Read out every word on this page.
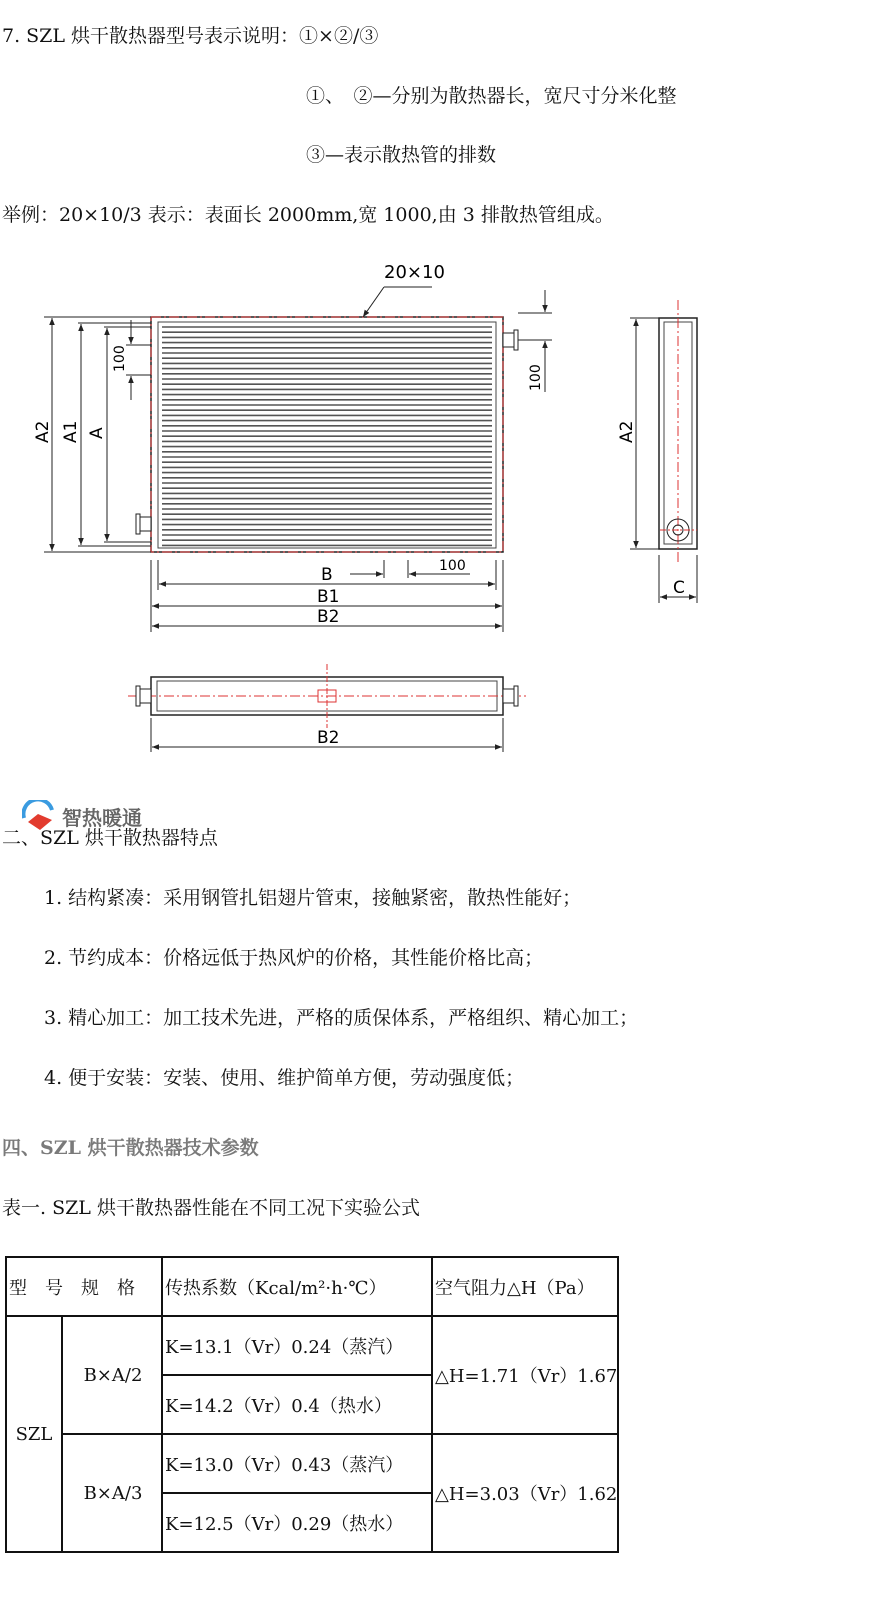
7. SZL 烘干散热器型号表示说明：①×②/③
①、　②—分别为散热器长，宽尺寸分米化整
③—表示散热管的排数
举例：20×10/3 表示：表面长 2000mm,宽 1000,由 3 排散热管组成。
20×10
A2 A1 A
100
100
B	100
B1
B2
A2
C
B2
智热暖通
二、SZL 烘干散热器特点
1. 结构紧凑：采用钢管扎铝翅片管束，接触紧密，散热性能好；
2. 节约成本：价格远低于热风炉的价格，其性能价格比高；
3. 精心加工：加工技术先进，严格的质保体系，严格组织、精心加工；
4. 便于安装：安装、使用、维护简单方便，劳动强度低；
四、SZL 烘干散热器技术参数
表一. SZL 烘干散热器性能在不同工况下实验公式
型　号　规　格		传热系数（Kcal/m²·h·℃）	空气阻力△H（Pa）
SZL	B×A/2	K=13.1（Vr）0.24（蒸汽）	△H=1.71（Vr）1.67
		K=14.2（Vr）0.4（热水）	
	B×A/3	K=13.0（Vr）0.43（蒸汽）	△H=3.03（Vr）1.62
		K=12.5（Vr）0.29（热水）	
